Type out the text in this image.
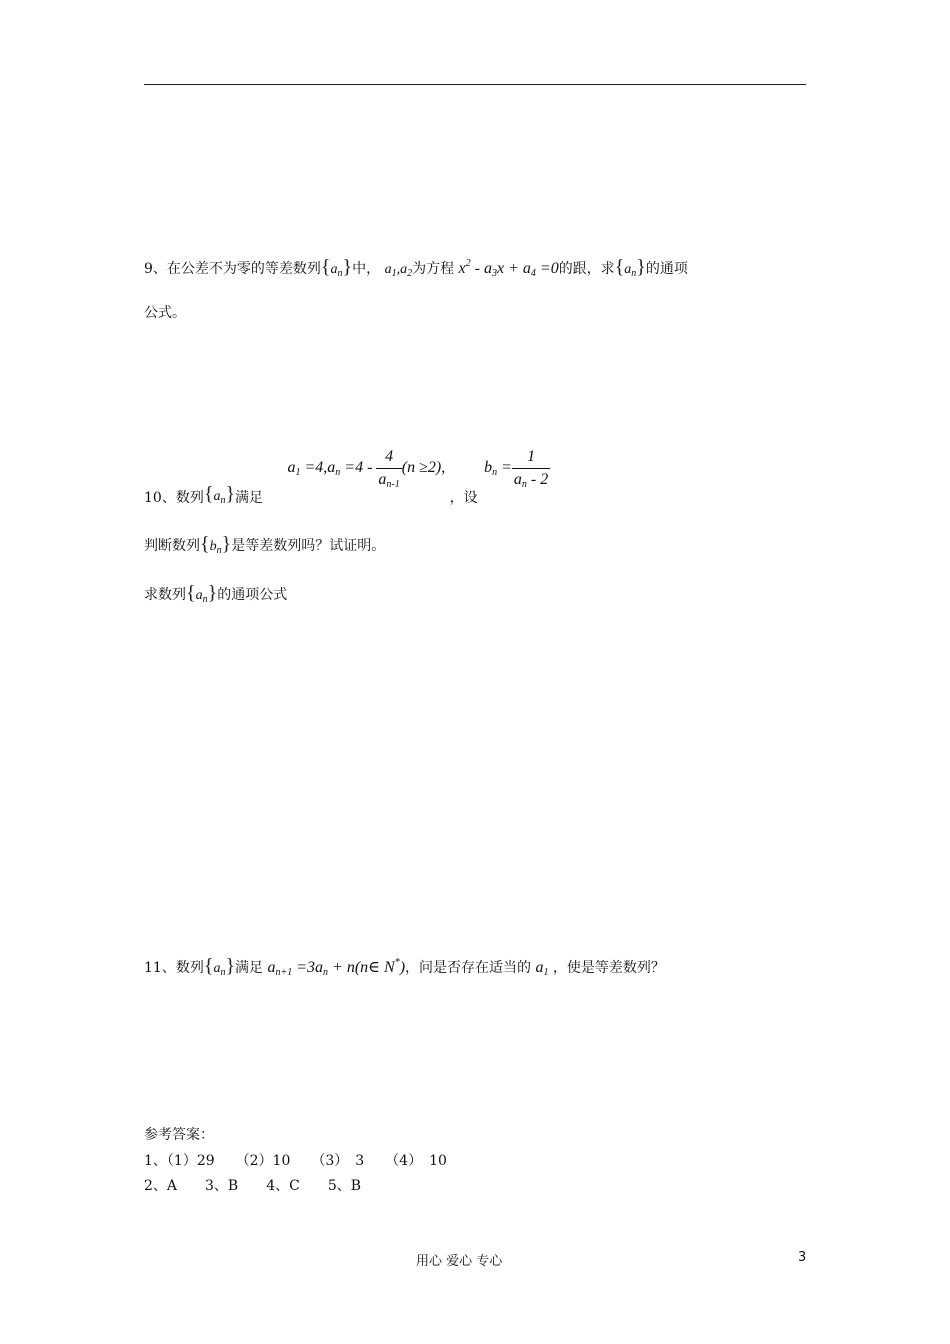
9、在公差不为零的等差数列$\{a_n\}$中， $a_1,a_2$为方程 $x^2 - a3x + a4 =0$的跟，求$\{a_n\}$的通项
公式。
10、数列$\{a_n\}$满足 $a1 =4,an =4 - \frac{4}{an-1} (n \ge 2)$, ，设 bn = $\frac{1}{an - 2}$
判断数列$\{b_n\}$是等差数列吗？试证明。
求数列$\{a_n\}$的通项公式
11、数列$\{a_n\}$满足 an+1 =3an + n(n∈ N*)，问是否存在适当的 a1 ，使是等差数列？
参考答案：
1、（1）29　　（2）10　　（3）　3　　（4）　10
2、A　　3、B　　4、C　　5、B
用心 爱心 专心	3
